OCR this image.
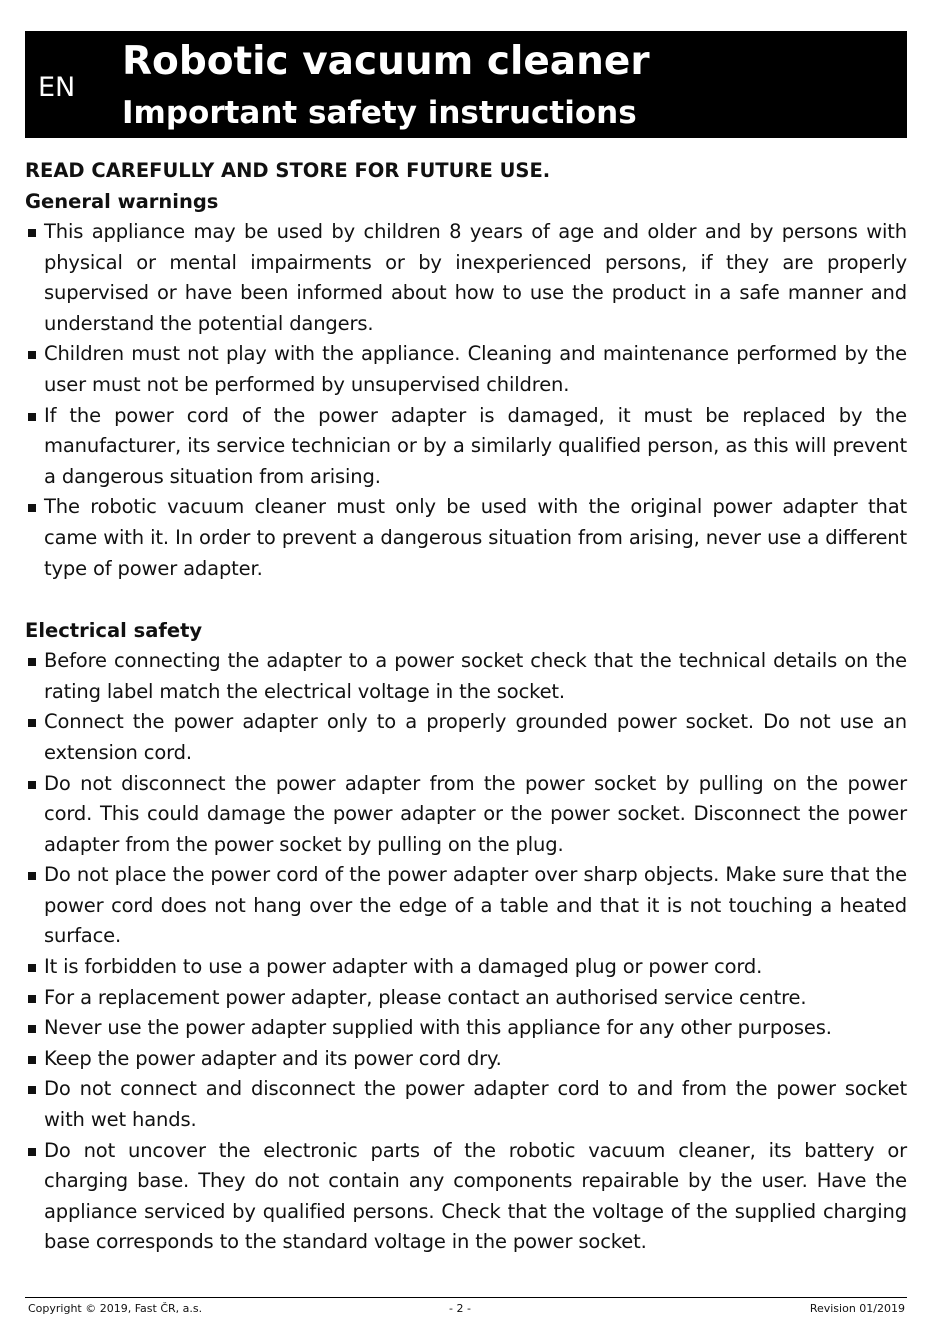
EN
Robotic vacuum cleaner
Important safety instructions

READ CAREFULLY AND STORE FOR FUTURE USE.

General warnings
This appliance may be used by children 8 years of age and older and by persons with physical or mental impairments or by inexperienced persons, if they are properly supervised or have been informed about how to use the product in a safe manner and understand the potential dangers.
Children must not play with the appliance. Cleaning and maintenance performed by the user must not be performed by unsupervised children.
If the power cord of the power adapter is damaged, it must be replaced by the manufacturer, its service technician or by a similarly qualified person, as this will prevent a dangerous situation from arising.
The robotic vacuum cleaner must only be used with the original power adapter that came with it. In order to prevent a dangerous situation from arising, never use a different type of power adapter.
Electrical safety
Before connecting the adapter to a power socket check that the technical details on the rating label match the electrical voltage in the socket.
Connect the power adapter only to a properly grounded power socket. Do not use an extension cord.
Do not disconnect the power adapter from the power socket by pulling on the power cord. This could damage the power adapter or the power socket. Disconnect the power adapter from the power socket by pulling on the plug.
Do not place the power cord of the power adapter over sharp objects. Make sure that the power cord does not hang over the edge of a table and that it is not touching a heated surface.
It is forbidden to use a power adapter with a damaged plug or power cord.
For a replacement power adapter, please contact an authorised service centre.
Never use the power adapter supplied with this appliance for any other purposes.
Keep the power adapter and its power cord dry.
Do not connect and disconnect the power adapter cord to and from the power socket with wet hands.
Do not uncover the electronic parts of the robotic vacuum cleaner, its battery or charging base. They do not contain any components repairable by the user. Have the appliance serviced by qualified persons. Check that the voltage of the supplied charging base corresponds to the standard voltage in the power socket.
Copyright © 2019, Fast ČR, a.s.	- 2 -	Revision 01/2019
